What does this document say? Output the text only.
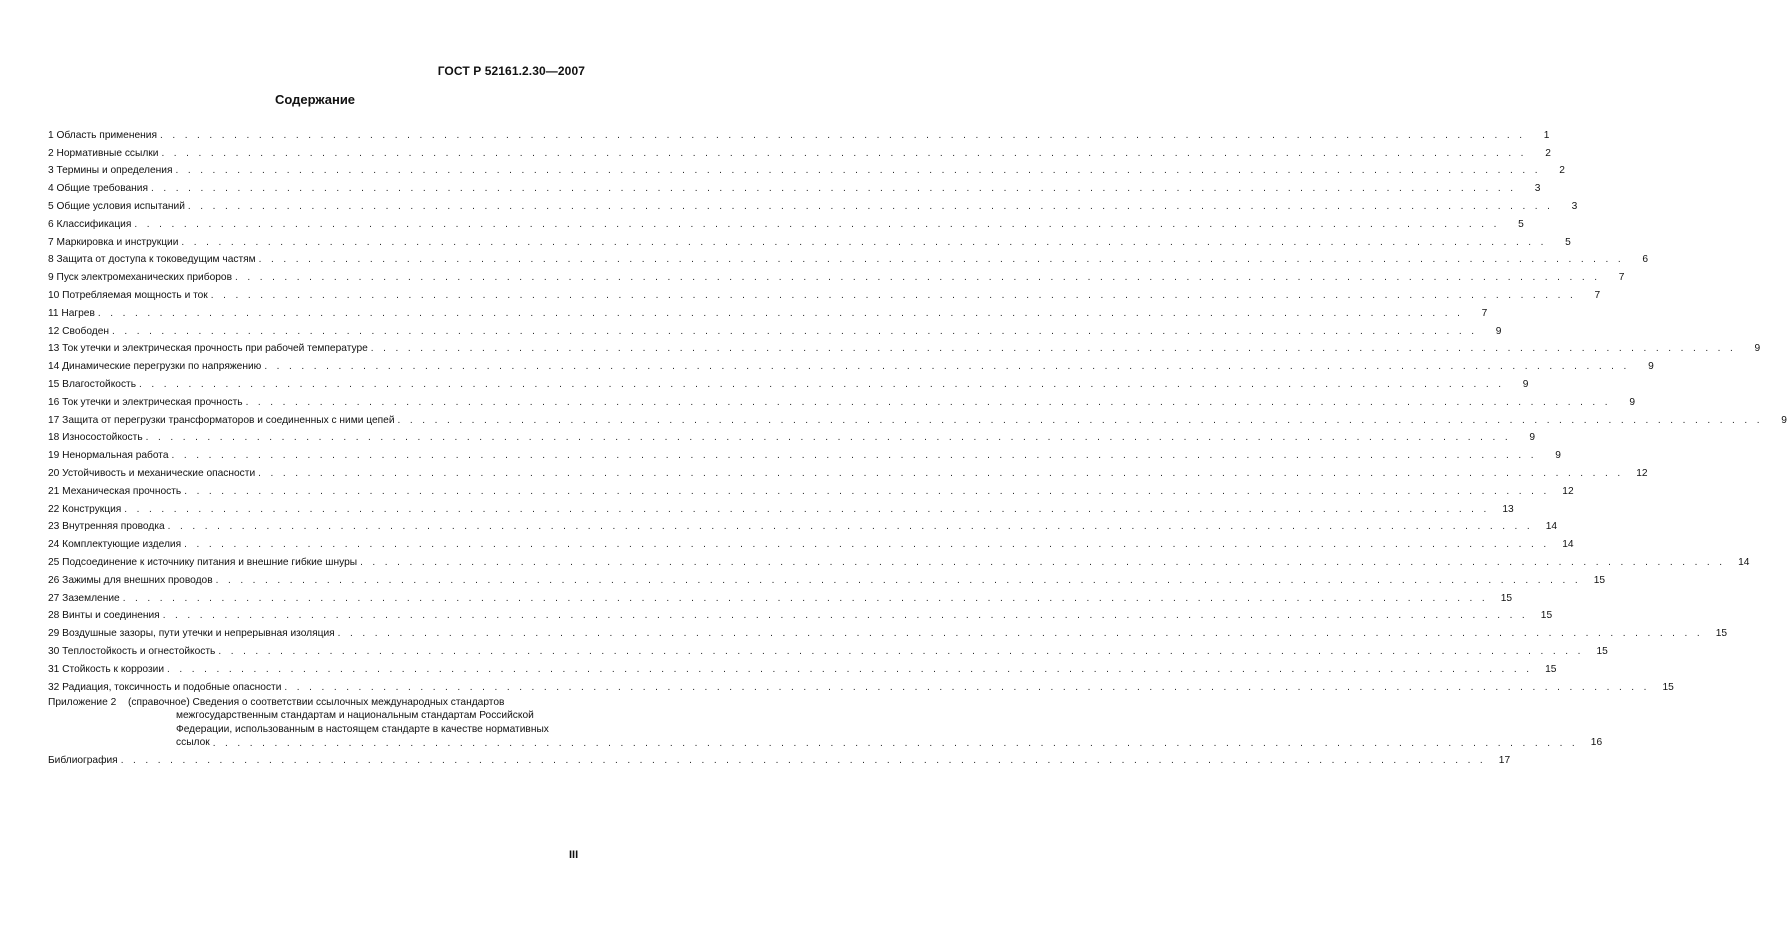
ГОСТ Р 52161.2.30—2007
Содержание
1 Область применения . . .	1
2 Нормативные ссылки . . .	2
3 Термины и определения . . .	2
4 Общие требования . . .	3
5 Общие условия испытаний . . .	3
6 Классификация . . .	5
7 Маркировка и инструкции . . .	5
8 Защита от доступа к токоведущим частям . . .	6
9 Пуск электромеханических приборов . . .	7
10 Потребляемая мощность и ток . . .	7
11 Нагрев . . .	7
12 Свободен . . .	9
13 Ток утечки и электрическая прочность при рабочей температуре . . .	9
14 Динамические перегрузки по напряжению . . .	9
15 Влагостойкость . . .	9
16 Ток утечки и электрическая прочность . . .	9
17 Защита от перегрузки трансформаторов и соединенных с ними цепей . . .	9
18 Износостойкость . . .	9
19 Ненормальная работа . . .	9
20 Устойчивость и механические опасности . . .	12
21 Механическая прочность . . .	12
22 Конструкция . . .	13
23 Внутренняя проводка . . .	14
24 Комплектующие изделия . . .	14
25 Подсоединение к источнику питания и внешние гибкие шнуры . . .	14
26 Зажимы для внешних проводов . . .	15
27 Заземление . . .	15
28 Винты и соединения . . .	15
29 Воздушные зазоры, пути утечки и непрерывная изоляция . . .	15
30 Теплостойкость и огнестойкость . . .	15
31 Стойкость к коррозии . . .	15
32 Радиация, токсичность и подобные опасности . . .	15
Приложение 2	(справочное) Сведения о соответствии ссылочных международных стандартов
межгосударственным стандартам и национальным стандартам Российской
Федерации, использованным в настоящем стандарте в качестве нормативных
ссылок . . .	16
Библиография . . .	17
III
